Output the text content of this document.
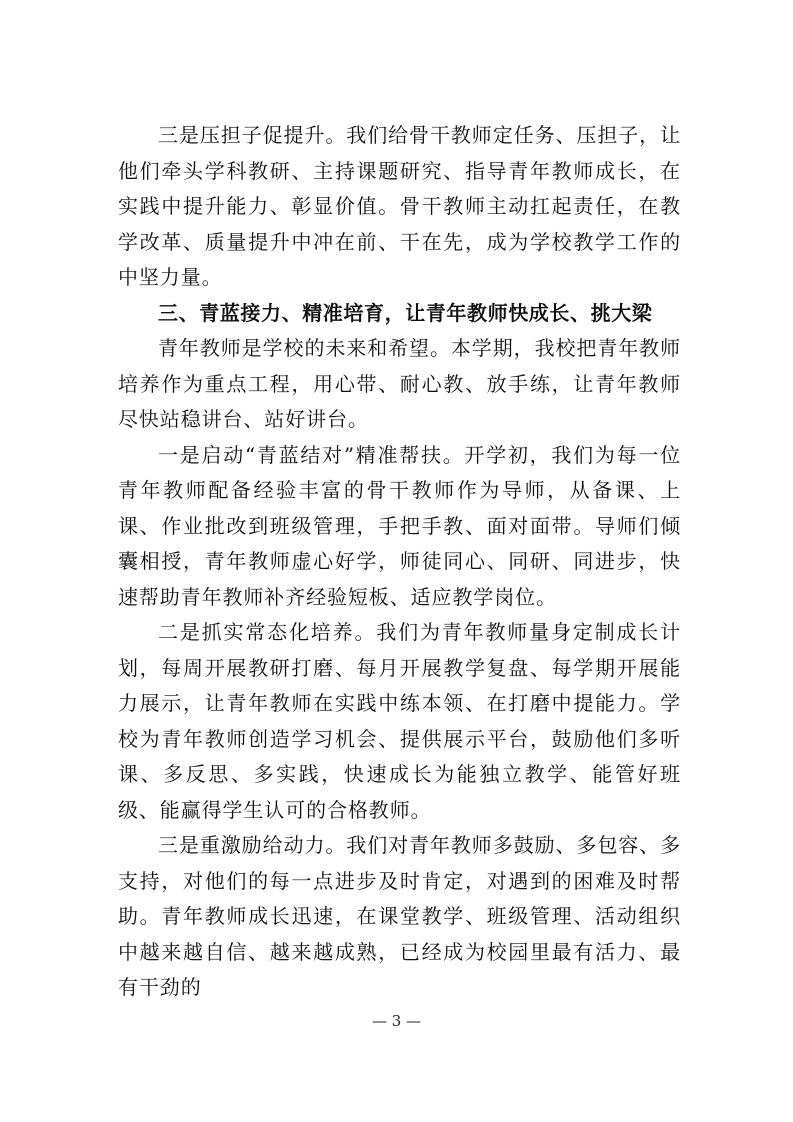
三是压担子促提升。我们给骨干教师定任务、压担子，让他们牵头学科教研、主持课题研究、指导青年教师成长，在实践中提升能力、彰显价值。骨干教师主动扛起责任，在教学改革、质量提升中冲在前、干在先，成为学校教学工作的中坚力量。

三、青蓝接力、精准培育，让青年教师快成长、挑大梁

青年教师是学校的未来和希望。本学期，我校把青年教师培养作为重点工程，用心带、耐心教、放手练，让青年教师尽快站稳讲台、站好讲台。

一是启动“青蓝结对”精准帮扶。开学初，我们为每一位青年教师配备经验丰富的骨干教师作为导师，从备课、上课、作业批改到班级管理，手把手教、面对面带。导师们倾囊相授，青年教师虚心好学，师徒同心、同研、同进步，快速帮助青年教师补齐经验短板、适应教学岗位。

二是抓实常态化培养。我们为青年教师量身定制成长计划，每周开展教研打磨、每月开展教学复盘、每学期开展能力展示，让青年教师在实践中练本领、在打磨中提能力。学校为青年教师创造学习机会、提供展示平台，鼓励他们多听课、多反思、多实践，快速成长为能独立教学、能管好班级、能赢得学生认可的合格教师。

三是重激励给动力。我们对青年教师多鼓励、多包容、多支持，对他们的每一点进步及时肯定，对遇到的困难及时帮助。青年教师成长迅速，在课堂教学、班级管理、活动组织中越来越自信、越来越成熟，已经成为校园里最有活力、最有干劲的

— 3 —
